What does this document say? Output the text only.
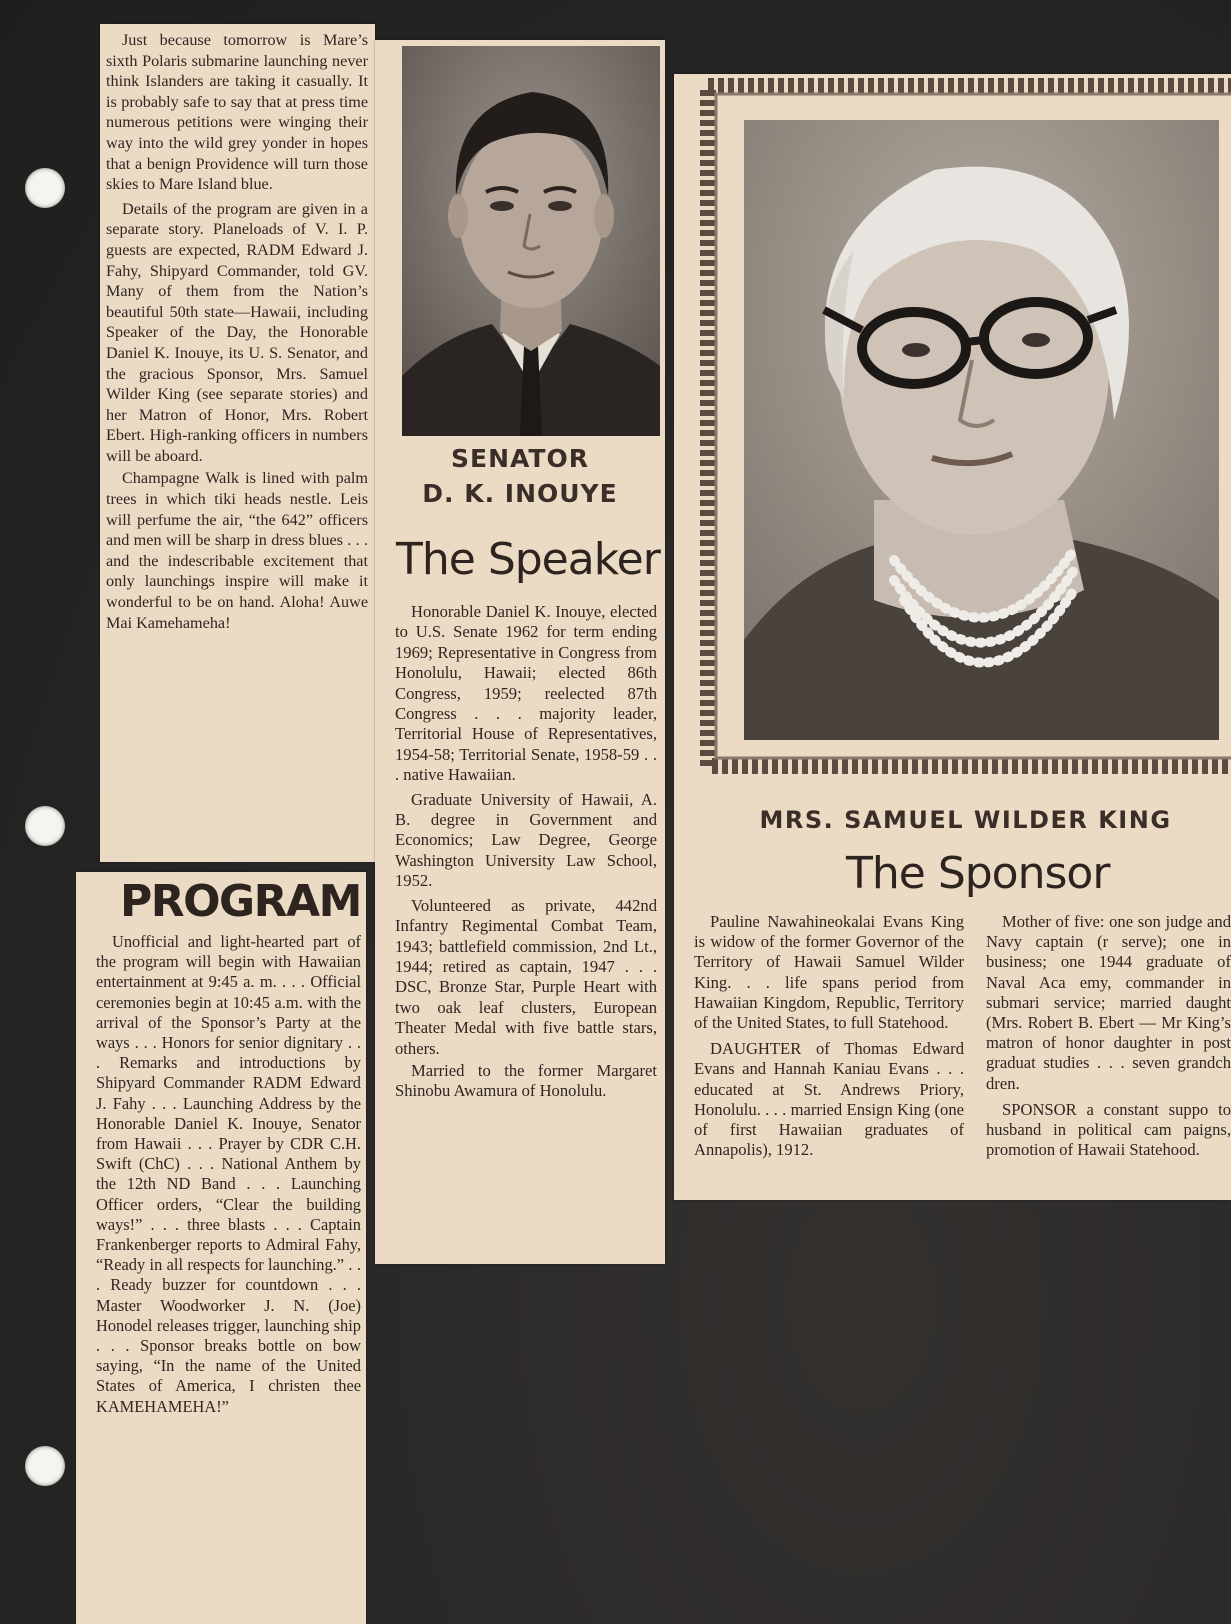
Just because tomorrow is Mare’s sixth Polaris submarine launching never think Islanders are taking it casually. It is probably safe to say that at press time numerous petitions were winging their way into the wild grey yonder in hopes that a benign Providence will turn those skies to Mare Island blue.

Details of the program are given in a separate story. Planeloads of V. I. P. guests are expected, RADM Edward J. Fahy, Shipyard Commander, told GV. Many of them from the Nation’s beautiful 50th state—Hawaii, including Speaker of the Day, the Honorable Daniel K. Inouye, its U. S. Senator, and the gracious Sponsor, Mrs. Samuel Wilder King (see separate stories) and her Matron of Honor, Mrs. Robert Ebert. High-ranking officers in numbers will be aboard.

Champagne Walk is lined with palm trees in which tiki heads nestle. Leis will perfume the air, “the 642” officers and men will be sharp in dress blues . . . and the indescribable excitement that only launchings inspire will make it wonderful to be on hand. Aloha! Auwe Mai Kamehameha!

PROGRAM

Unofficial and light-hearted part of the program will begin with Hawaiian entertainment at 9:45 a. m. . . . Official ceremonies begin at 10:45 a.m. with the arrival of the Sponsor’s Party at the ways . . . Honors for senior dignitary . . . Remarks and introductions by Shipyard Commander RADM Edward J. Fahy . . . Launching Address by the Honorable Daniel K. Inouye, Senator from Hawaii . . . Prayer by CDR C.H. Swift (ChC) . . . National Anthem by the 12th ND Band . . . Launching Officer orders, “Clear the building ways!” . . . three blasts . . . Captain Frankenberger reports to Admiral Fahy, “Ready in all respects for launching.” . . . Ready buzzer for countdown . . . Master Woodworker J. N. (Joe) Honodel releases trigger, launching ship . . . Sponsor breaks bottle on bow saying, “In the name of the United States of America, I christen thee KAMEHAMEHA!”

SENATOR
D. K. INOUYE
The Speaker

Honorable Daniel K. Inouye, elected to U.S. Senate 1962 for term ending 1969; Representative in Congress from Honolulu, Hawaii; elected 86th Congress, 1959; reelected 87th Congress . . . majority leader, Territorial House of Representatives, 1954-58; Territorial Senate, 1958-59 . . . native Hawaiian.

Graduate University of Hawaii, A. B. degree in Government and Economics; Law Degree, George Washington University Law School, 1952.

Volunteered as private, 442nd Infantry Regimental Combat Team, 1943; battlefield commission, 2nd Lt., 1944; retired as captain, 1947 . . . DSC, Bronze Star, Purple Heart with two oak leaf clusters, European Theater Medal with five battle stars, others.

Married to the former Margaret Shinobu Awamura of Honolulu.

MRS. SAMUEL WILDER KING
The Sponsor

Pauline Nawahineokalai Evans King is widow of the former Governor of the Territory of Hawaii Samuel Wilder King. . . life spans period from Hawaiian Kingdom, Republic, Territory of the United States, to full Statehood.

DAUGHTER of Thomas Edward Evans and Hannah Kaniau Evans . . . educated at St. Andrews Priory, Honolulu. . . . married Ensign King (one of first Hawaiian graduates of Annapolis), 1912.

Mother of five: one son judge and Navy captain (r serve); one in business; one 1944 graduate of Naval Aca emy, commander in submari service; married daught (Mrs. Robert B. Ebert — Mr King’s matron of honor daughter in post graduat studies . . . seven grandch dren.

SPONSOR a constant suppo to husband in political cam paigns, promotion of Hawaii Statehood.
